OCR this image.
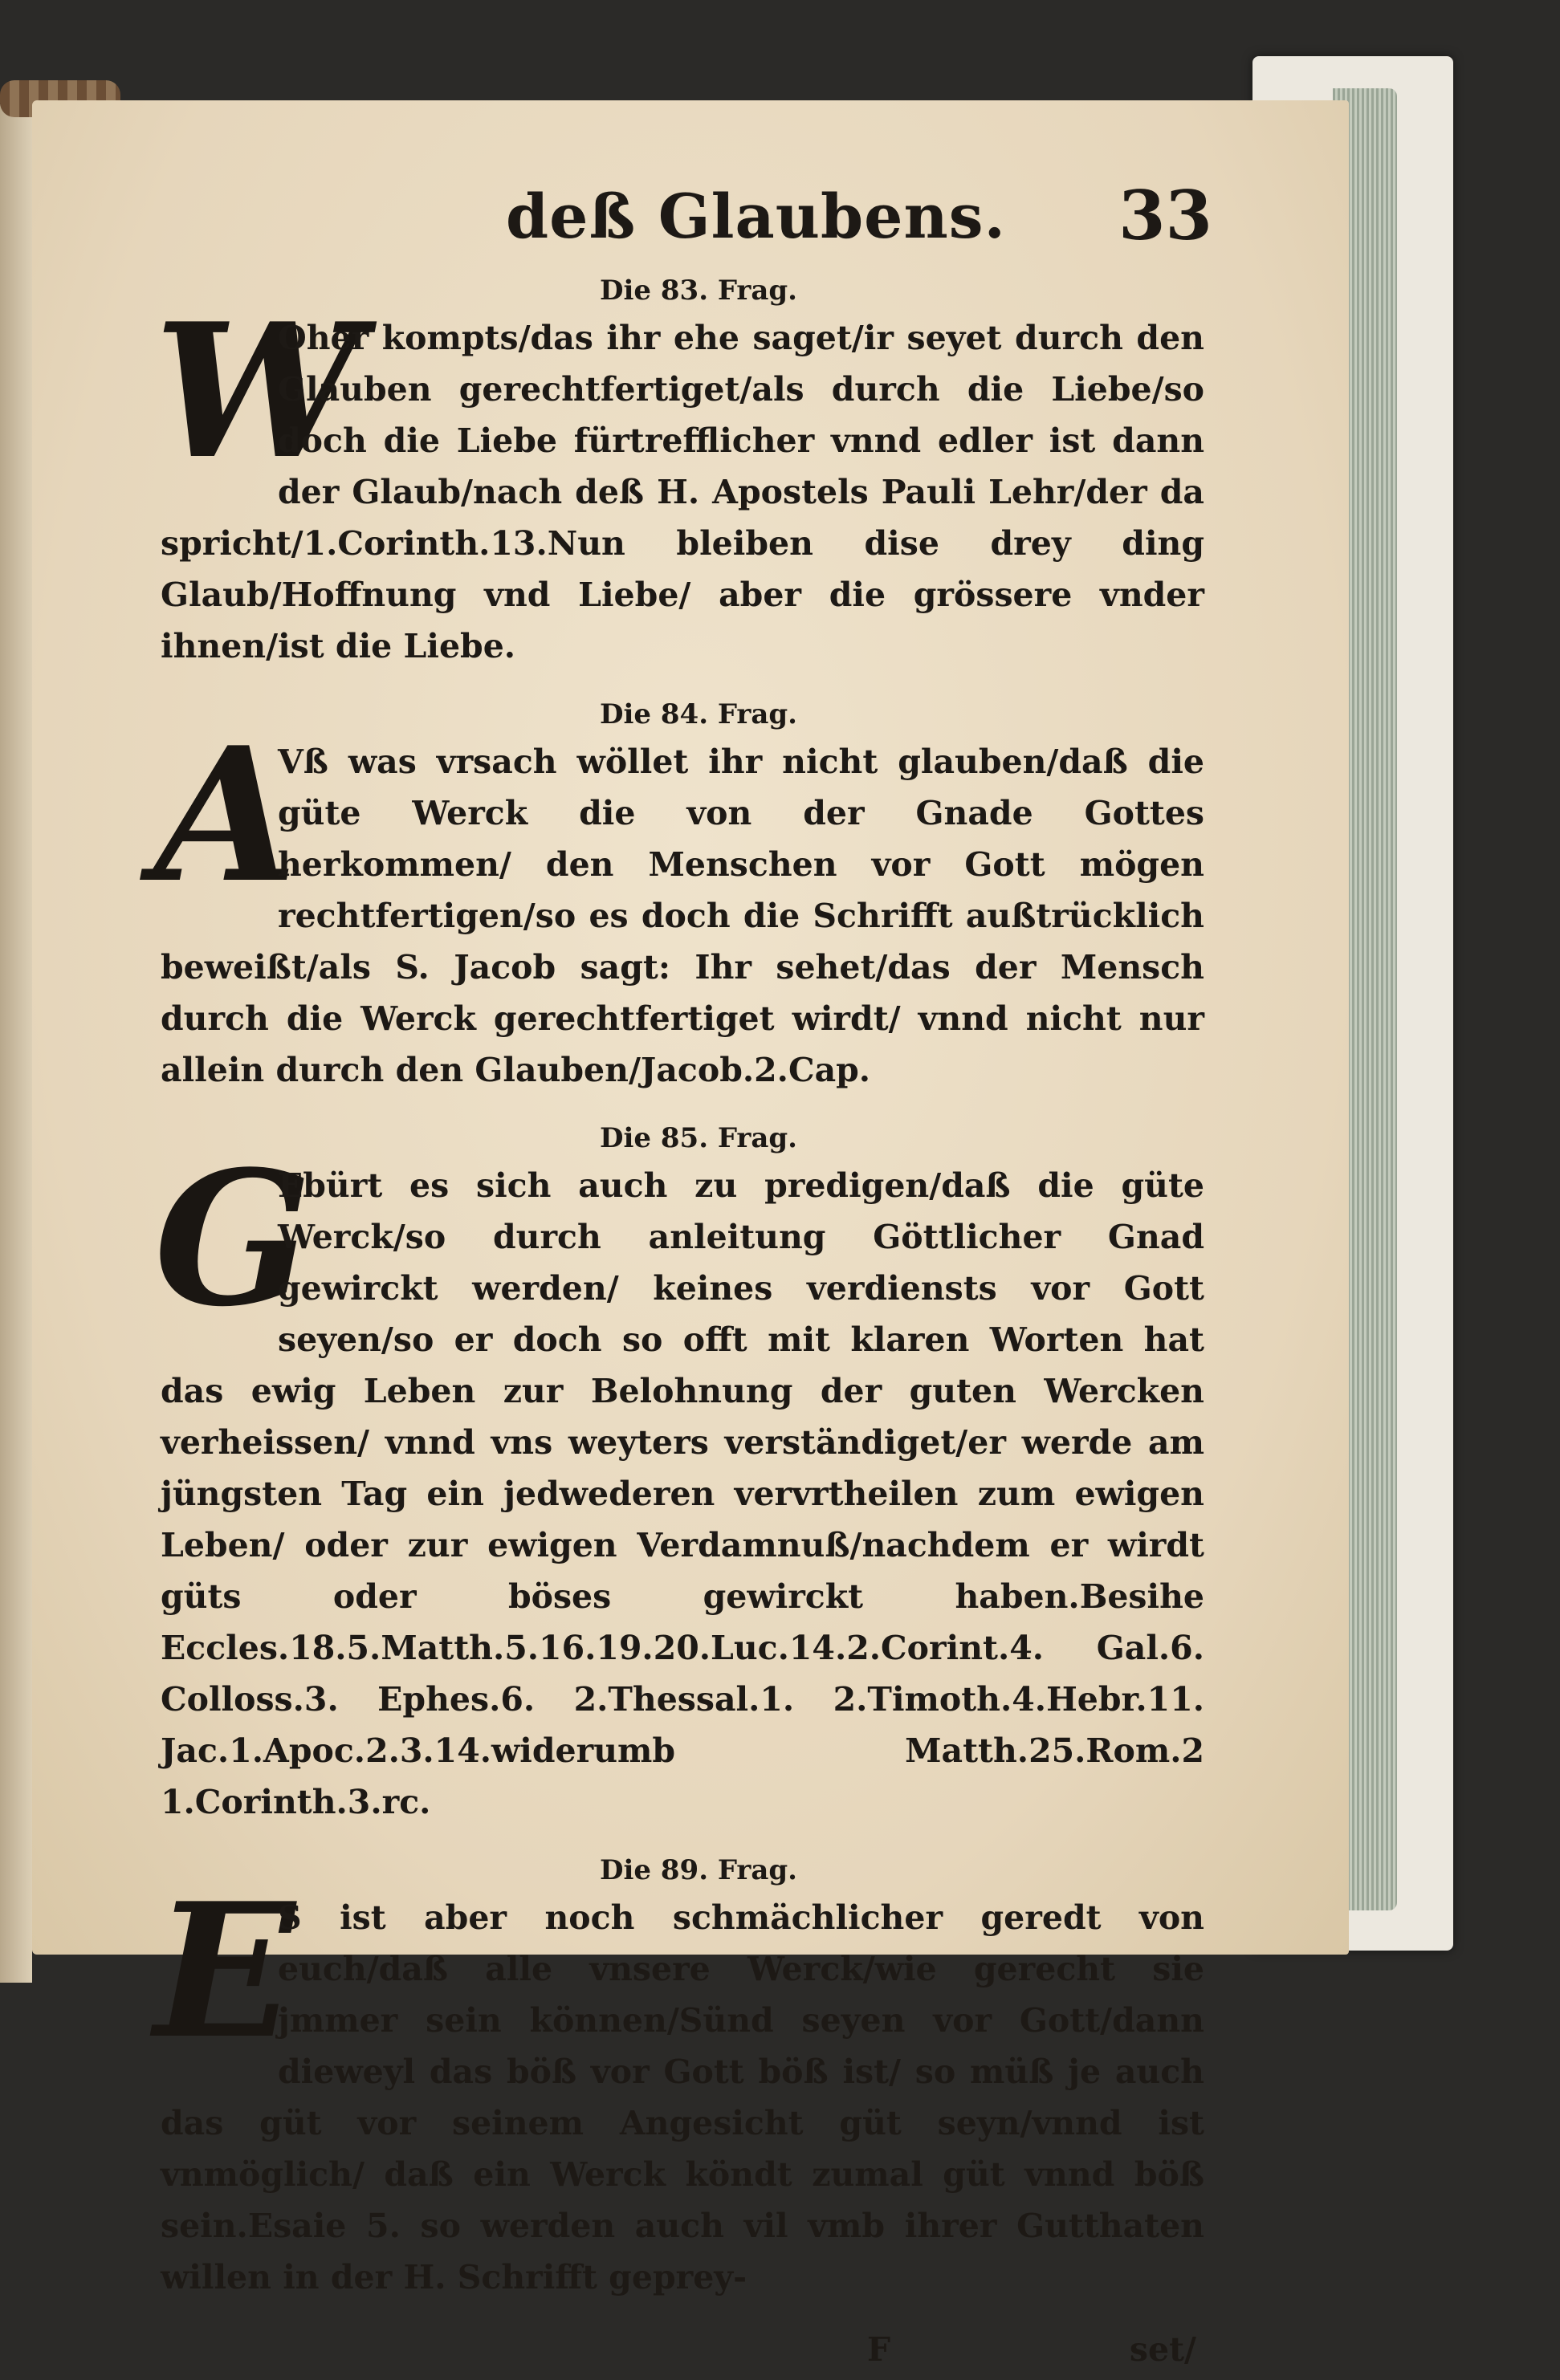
deß Glaubens. 33
Die 83. Frag.
W
Oher kompts/das ihr ehe saget/ir seyet durch den Glauben gerechtfertiget/als durch die Liebe/so doch die Liebe fürtrefflicher vnnd edler ist dann der Glaub/nach deß H. Apostels Pauli Lehr/der da spricht/1.Corinth.13.Nun bleiben dise drey ding Glaub/Hoffnung vnd Liebe/ aber die grössere vnder ihnen/ist die Liebe.
Die 84. Frag.
A
Vß was vrsach wöllet ihr nicht glauben/daß die güte Werck die von der Gnade Gottes herkommen/ den Menschen vor Gott mögen rechtfertigen/so es doch die Schrifft außtrücklich beweißt/als S. Jacob sagt: Ihr sehet/das der Mensch durch die Werck gerechtfertiget wirdt/ vnnd nicht nur allein durch den Glauben/Jacob.2.Cap.
Die 85. Frag.
G
Ebürt es sich auch zu predigen/daß die güte Werck/so durch anleitung Göttlicher Gnad gewirckt werden/ keines verdiensts vor Gott seyen/so er doch so offt mit klaren Worten hat das ewig Leben zur Belohnung der guten Wercken verheissen/ vnnd vns weyters verständiget/er werde am jüngsten Tag ein jedwederen vervrtheilen zum ewigen Leben/ oder zur ewigen Verdamnuß/nachdem er wirdt güts oder böses gewirckt haben.Besihe Eccles.18.5.Matth.5.16.19.20.Luc.14.2.Corint.4. Gal.6. Colloss.3. Ephes.6. 2.Thessal.1. 2.Timoth.4.Hebr.11. Jac.1.Apoc.2.3.14.widerumb Matth.25.Rom.2 1.Corinth.3.rc.
Die 89. Frag.
E
S ist aber noch schmächlicher geredt von euch/daß alle vnsere Werck/wie gerecht sie jmmer sein können/Sünd seyen vor Gott/dann dieweyl das böß vor Gott böß ist/ so müß je auch das güt vor seinem Angesicht güt seyn/vnnd ist vnmöglich/ daß ein Werck köndt zumal güt vnnd böß sein.Esaie 5. so werden auch vil vmb ihrer Gutthaten willen in der H. Schrifft geprey-
F	set/
